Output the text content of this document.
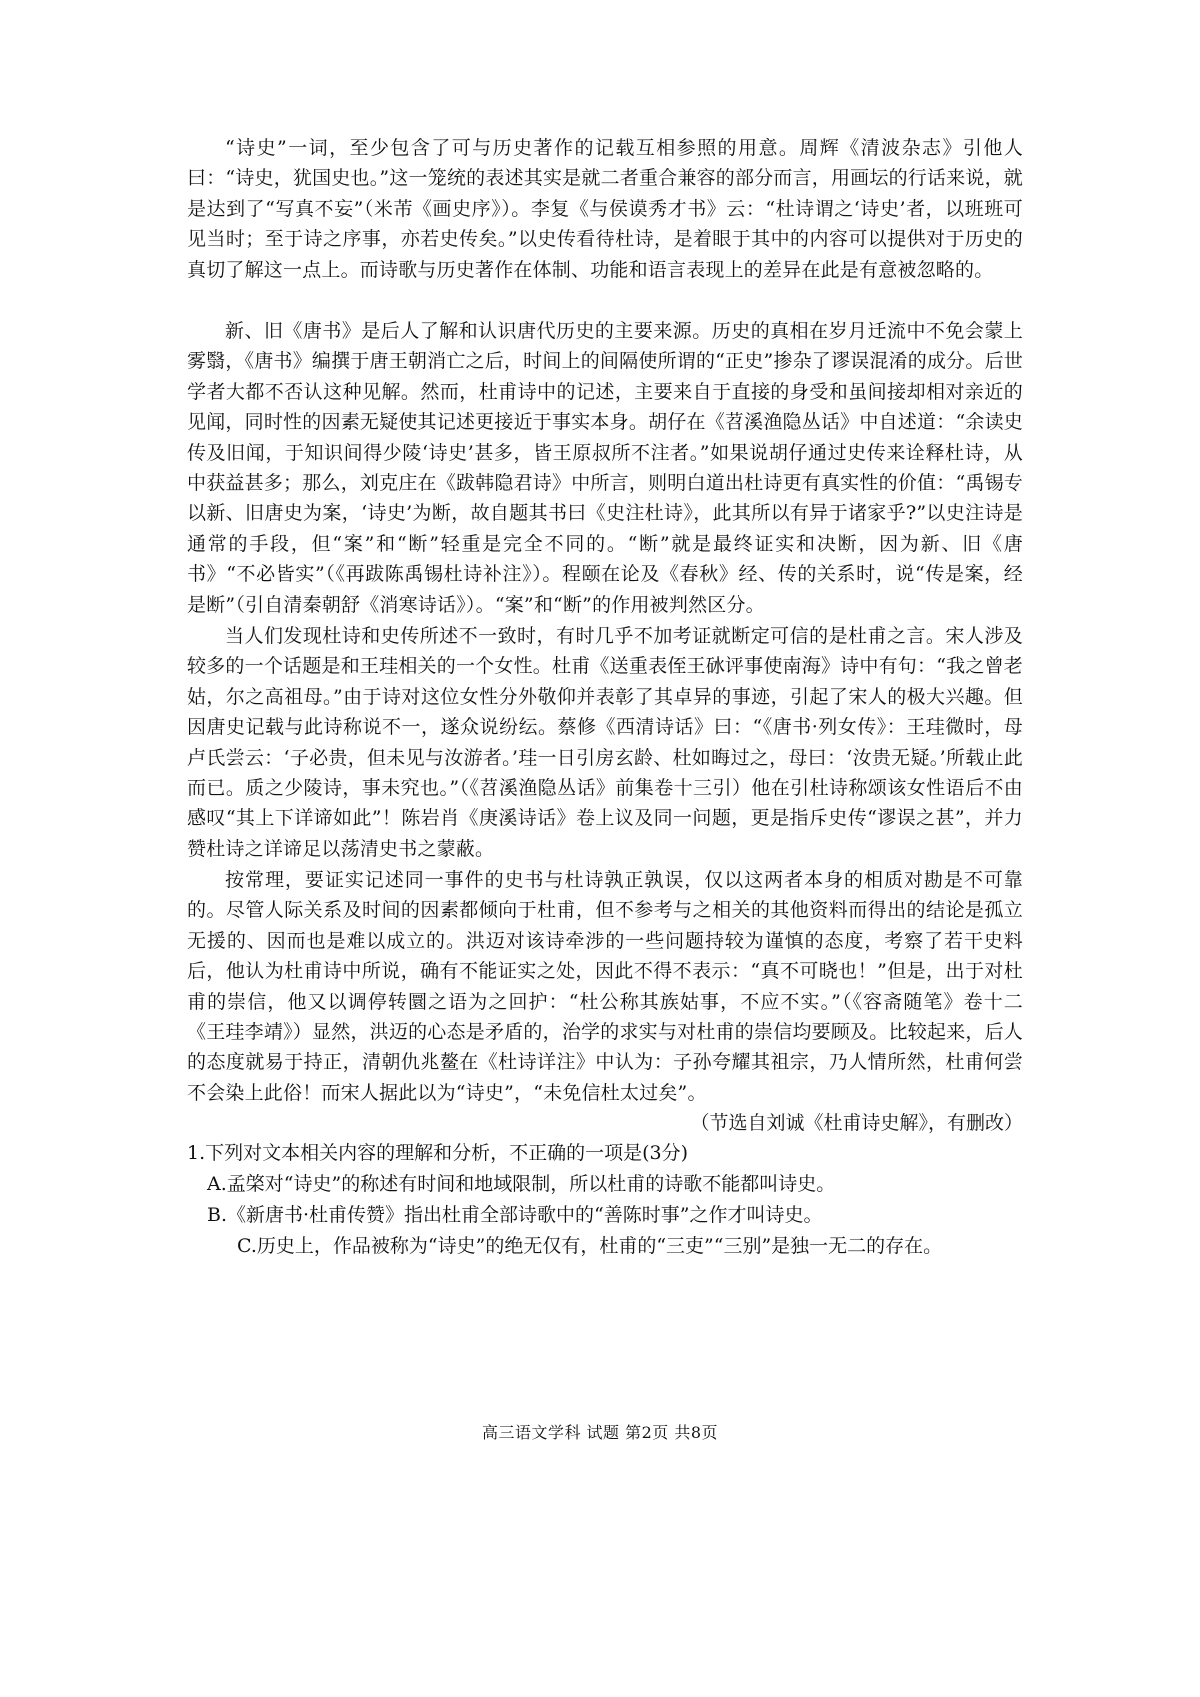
“诗史”一词，至少包含了可与历史著作的记载互相参照的用意。周辉《清波杂志》引他人曰：“诗史，犹国史也。”这一笼统的表述其实是就二者重合兼容的部分而言，用画坛的行话来说，就是达到了“写真不妄”（米芾《画史序》）。李复《与侯谟秀才书》云：“杜诗谓之‘诗史’者，以班班可见当时；至于诗之序事，亦若史传矣。”以史传看待杜诗，是着眼于其中的内容可以提供对于历史的真切了解这一点上。而诗歌与历史著作在体制、功能和语言表现上的差异在此是有意被忽略的。

新、旧《唐书》是后人了解和认识唐代历史的主要来源。历史的真相在岁月迁流中不免会蒙上雾翳，《唐书》编撰于唐王朝消亡之后，时间上的间隔使所谓的“正史”掺杂了谬误混淆的成分。后世学者大都不否认这种见解。然而，杜甫诗中的记述，主要来自于直接的身受和虽间接却相对亲近的见闻，同时性的因素无疑使其记述更接近于事实本身。胡仔在《苕溪渔隐丛话》中自述道：“余读史传及旧闻，于知识间得少陵‘诗史’甚多，皆王原叔所不注者。”如果说胡仔通过史传来诠释杜诗，从中获益甚多；那么，刘克庄在《跋韩隐君诗》中所言，则明白道出杜诗更有真实性的价值：“禹锡专以新、旧唐史为案，‘诗史’为断，故自题其书曰《史注杜诗》，此其所以有异于诸家乎?”以史注诗是通常的手段，但“案”和“断”轻重是完全不同的。“断”就是最终证实和决断，因为新、旧《唐书》“不必皆实”（《再跋陈禹锡杜诗补注》）。程颐在论及《春秋》经、传的关系时，说“传是案，经是断”（引自清秦朝舒《消寒诗话》）。“案”和“断”的作用被判然区分。

当人们发现杜诗和史传所述不一致时，有时几乎不加考证就断定可信的是杜甫之言。宋人涉及较多的一个话题是和王珪相关的一个女性。杜甫《送重表侄王砅评事使南海》诗中有句：“我之曾老姑，尔之高祖母。”由于诗对这位女性分外敬仰并表彰了其卓异的事迹，引起了宋人的极大兴趣。但因唐史记载与此诗称说不一，遂众说纷纭。蔡修《西清诗话》曰：“《唐书·列女传》：王珪微时，母卢氏尝云：‘子必贵，但未见与汝游者。’珪一日引房玄龄、杜如晦过之，母曰：‘汝贵无疑。’所载止此而已。质之少陵诗，事未究也。”（《苕溪渔隐丛话》前集卷十三引）他在引杜诗称颂该女性语后不由感叹“其上下详谛如此”！陈岩肖《庚溪诗话》卷上议及同一问题，更是指斥史传“谬误之甚”，并力赞杜诗之详谛足以荡清史书之蒙蔽。

按常理，要证实记述同一事件的史书与杜诗孰正孰误，仅以这两者本身的相质对勘是不可靠的。尽管人际关系及时间的因素都倾向于杜甫，但不参考与之相关的其他资料而得出的结论是孤立无援的、因而也是难以成立的。洪迈对该诗牵涉的一些问题持较为谨慎的态度，考察了若干史料后，他认为杜甫诗中所说，确有不能证实之处，因此不得不表示：“真不可晓也！”但是，出于对杜甫的崇信，他又以调停转圜之语为之回护：“杜公称其族姑事，不应不实。”（《容斋随笔》卷十二《王珪李靖》）显然，洪迈的心态是矛盾的，治学的求实与对杜甫的崇信均要顾及。比较起来，后人的态度就易于持正，清朝仇兆鳌在《杜诗详注》中认为：子孙夸耀其祖宗，乃人情所然，杜甫何尝不会染上此俗！而宋人据此以为“诗史”，“未免信杜太过矣”。

（节选自刘诚《杜甫诗史解》，有删改）

1.下列对文本相关内容的理解和分析，不正确的一项是(3分)

A.孟棨对“诗史”的称述有时间和地域限制，所以杜甫的诗歌不能都叫诗史。

B.《新唐书·杜甫传赞》指出杜甫全部诗歌中的“善陈时事”之作才叫诗史。

C.历史上，作品被称为“诗史”的绝无仅有，杜甫的“三吏”“三别”是独一无二的存在。

高三语文学科 试题 第2页 共8页
